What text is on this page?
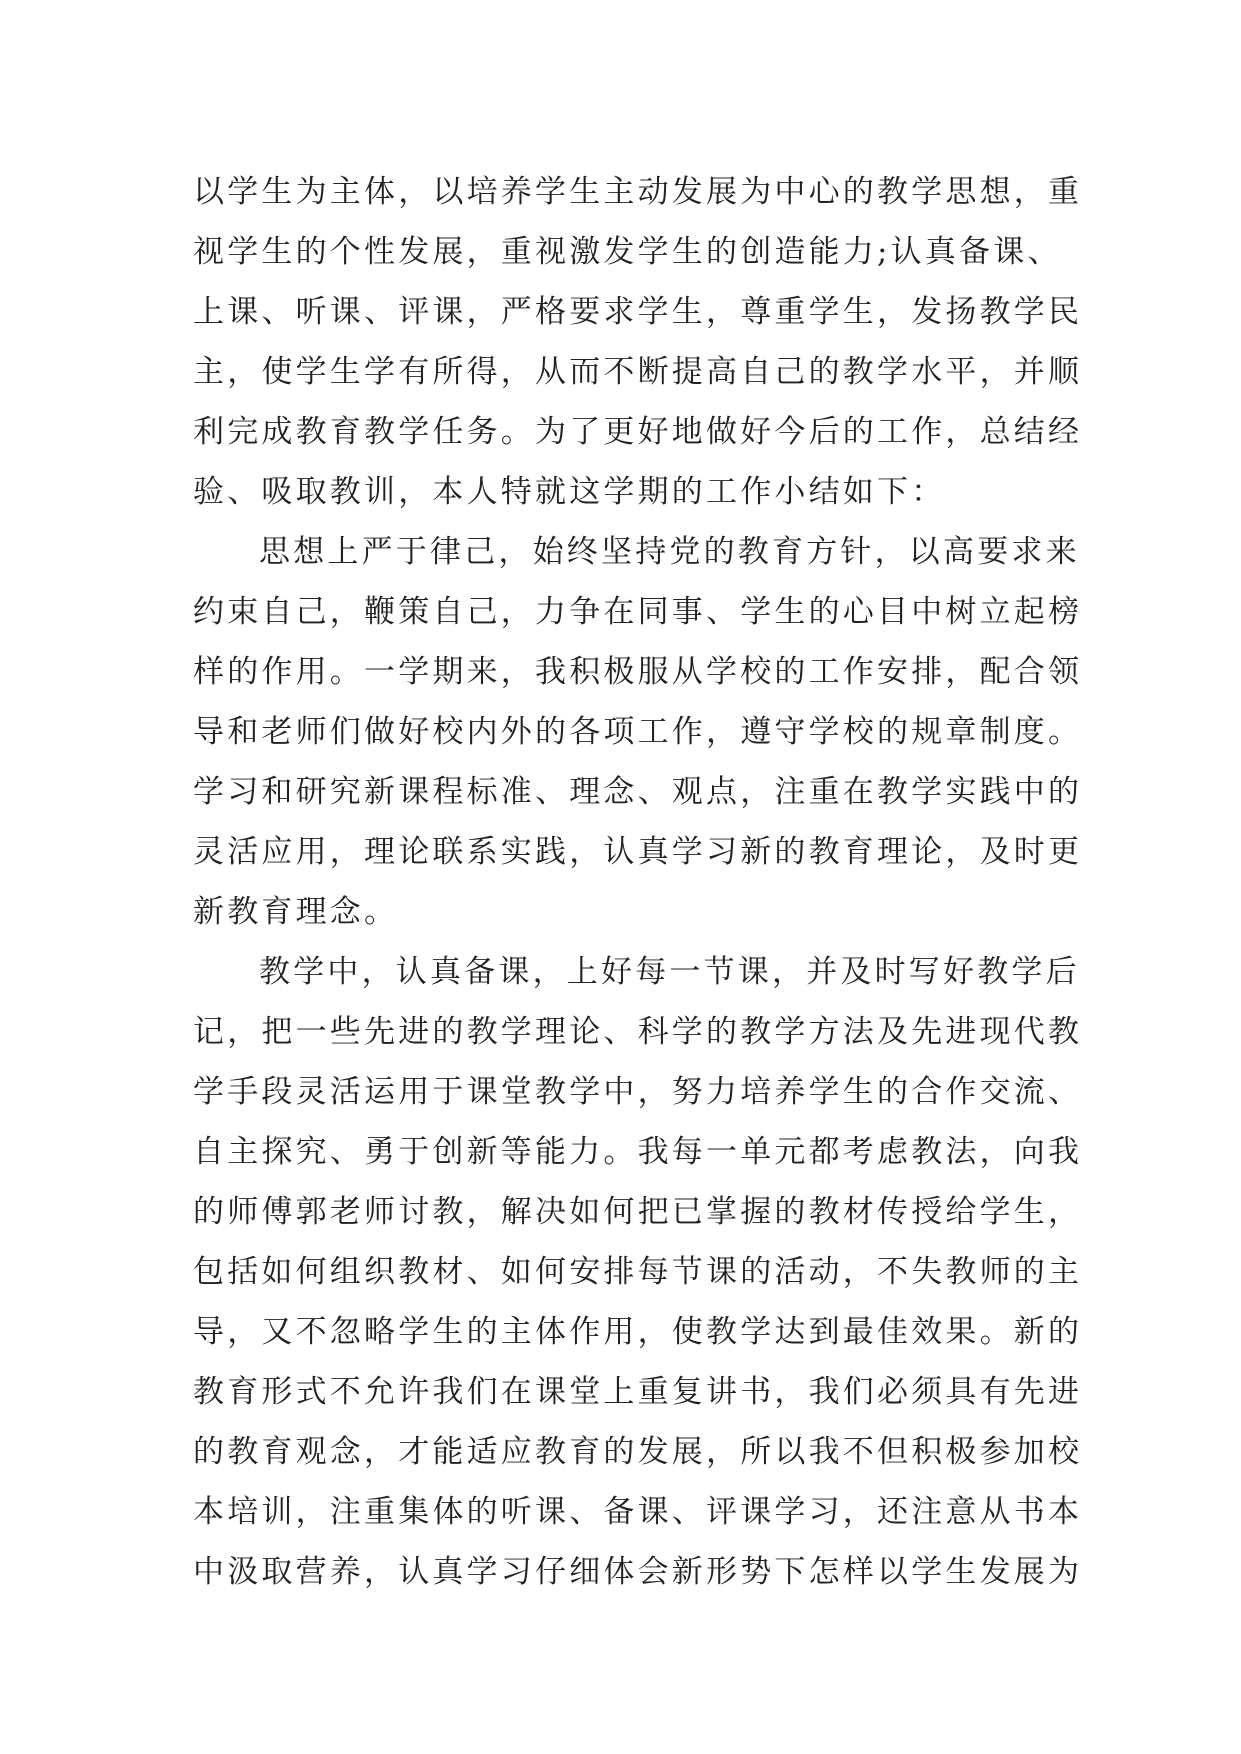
以学生为主体，以培养学生主动发展为中心的教学思想，重
视学生的个性发展，重视激发学生的创造能力;认真备课、
上课、听课、评课，严格要求学生，尊重学生，发扬教学民
主，使学生学有所得，从而不断提高自己的教学水平，并顺
利完成教育教学任务。为了更好地做好今后的工作，总结经
验、吸取教训，本人特就这学期的工作小结如下：
思想上严于律己，始终坚持党的教育方针，以高要求来
约束自己，鞭策自己，力争在同事、学生的心目中树立起榜
样的作用。一学期来，我积极服从学校的工作安排，配合领
导和老师们做好校内外的各项工作，遵守学校的规章制度。
学习和研究新课程标准、理念、观点，注重在教学实践中的
灵活应用，理论联系实践，认真学习新的教育理论，及时更
新教育理念。
教学中，认真备课，上好每一节课，并及时写好教学后
记，把一些先进的教学理论、科学的教学方法及先进现代教
学手段灵活运用于课堂教学中，努力培养学生的合作交流、
自主探究、勇于创新等能力。我每一单元都考虑教法，向我
的师傅郭老师讨教，解决如何把已掌握的教材传授给学生，
包括如何组织教材、如何安排每节课的活动，不失教师的主
导，又不忽略学生的主体作用，使教学达到最佳效果。新的
教育形式不允许我们在课堂上重复讲书，我们必须具有先进
的教育观念，才能适应教育的发展，所以我不但积极参加校
本培训，注重集体的听课、备课、评课学习，还注意从书本
中汲取营养，认真学习仔细体会新形势下怎样以学生发展为
